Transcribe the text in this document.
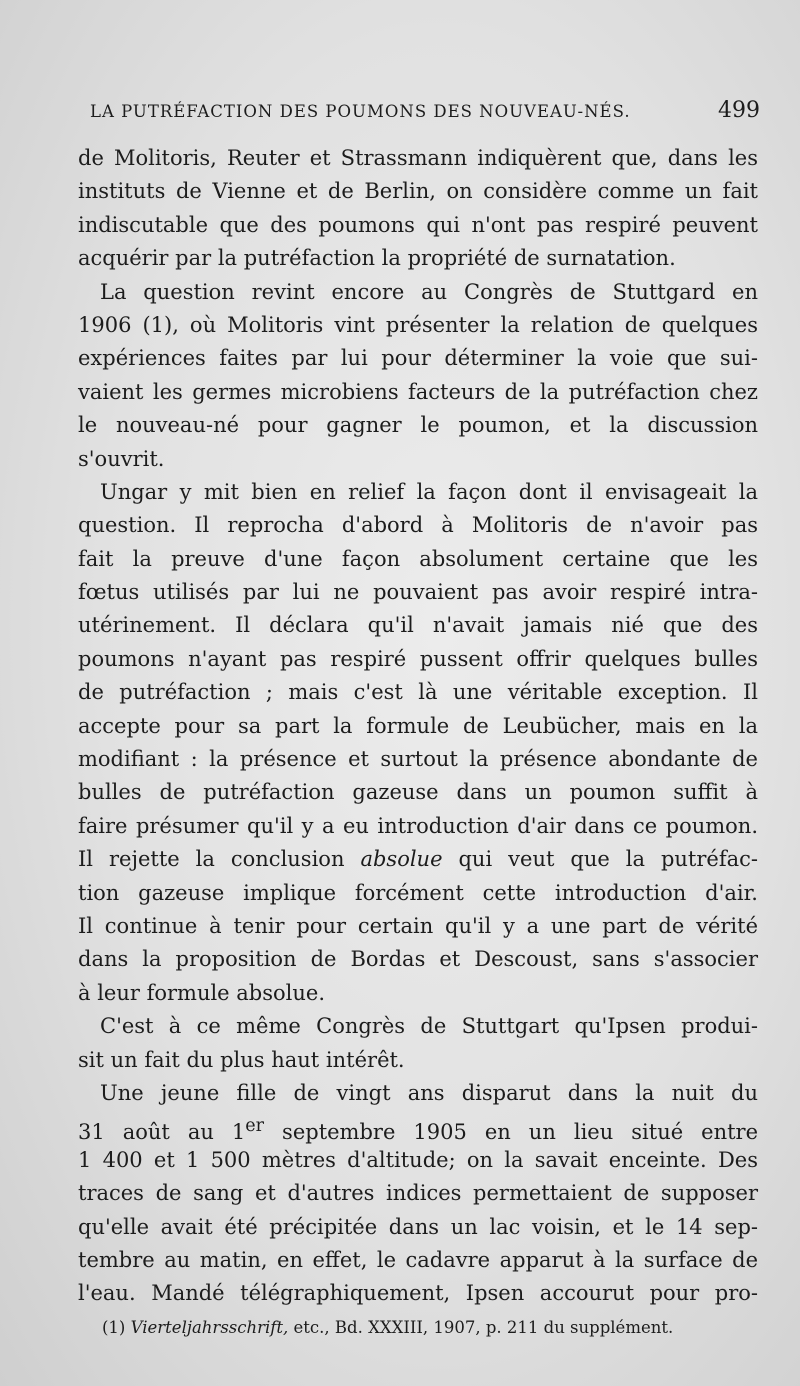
LA PUTRÉFACTION DES POUMONS DES NOUVEAU-NÉS.	499
de Molitoris, Reuter et Strassmann indiquèrent que, dans les
instituts de Vienne et de Berlin, on considère comme un fait
indiscutable que des poumons qui n'ont pas respiré peuvent
acquérir par la putréfaction la propriété de surnatation.
La question revint encore au Congrès de Stuttgard en
1906 (1), où Molitoris vint présenter la relation de quelques
expériences faites par lui pour déterminer la voie que sui-
vaient les germes microbiens facteurs de la putréfaction chez
le nouveau-né pour gagner le poumon, et la discussion
s'ouvrit.
Ungar y mit bien en relief la façon dont il envisageait la
question. Il reprocha d'abord à Molitoris de n'avoir pas
fait la preuve d'une façon absolument certaine que les
fœtus utilisés par lui ne pouvaient pas avoir respiré intra-
utérinement. Il déclara qu'il n'avait jamais nié que des
poumons n'ayant pas respiré pussent offrir quelques bulles
de putréfaction ; mais c'est là une véritable exception. Il
accepte pour sa part la formule de Leubücher, mais en la
modifiant : la présence et surtout la présence abondante de
bulles de putréfaction gazeuse dans un poumon suffit à
faire présumer qu'il y a eu introduction d'air dans ce poumon.
Il rejette la conclusion absolue qui veut que la putréfac-
tion gazeuse implique forcément cette introduction d'air.
Il continue à tenir pour certain qu'il y a une part de vérité
dans la proposition de Bordas et Descoust, sans s'associer
à leur formule absolue.
C'est à ce même Congrès de Stuttgart qu'Ipsen produi-
sit un fait du plus haut intérêt.
Une jeune fille de vingt ans disparut dans la nuit du
31 août au 1er septembre 1905 en un lieu situé entre
1 400 et 1 500 mètres d'altitude; on la savait enceinte. Des
traces de sang et d'autres indices permettaient de supposer
qu'elle avait été précipitée dans un lac voisin, et le 14 sep-
tembre au matin, en effet, le cadavre apparut à la surface de
l'eau. Mandé télégraphiquement, Ipsen accourut pour pro-
(1) Vierteljahrsschrift, etc., Bd. XXXIII, 1907, p. 211 du supplément.
